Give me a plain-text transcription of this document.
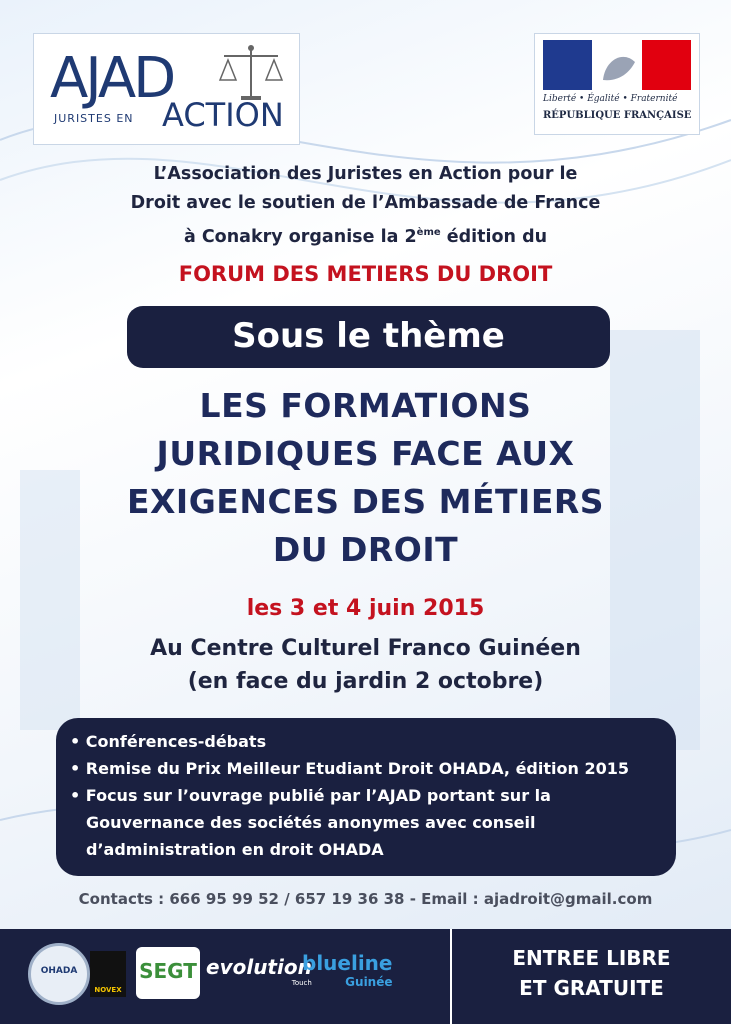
AJAD
JURISTES EN ACTION	Liberté • Égalité • Fraternité
RÉPUBLIQUE FRANÇAISE
L’Association des Juristes en Action pour le
Droit avec le soutien de l’Ambassade de France
à Conakry organise la 2ème édition du
FORUM DES METIERS DU DROIT
Sous le thème
LES FORMATIONS
JURIDIQUES FACE AUX
EXIGENCES DES MÉTIERS
DU DROIT
les 3 et 4 juin 2015
Au Centre Culturel Franco Guinéen
(en face du jardin 2 octobre)
• Conférences-débats
• Remise du Prix Meilleur Etudiant Droit OHADA, édition 2015
• Focus sur l’ouvrage publié par l’AJAD portant sur la
Gouvernance des sociétés anonymes avec conseil
d’administration en droit OHADA
Contacts : 666 95 99 52 / 657 19 36 38 - Email : ajadroit@gmail.com
OHADA
NOVEX
SEGT evolution
Touch
blueline
Guinée
ENTREE LIBRE
ET GRATUITE
